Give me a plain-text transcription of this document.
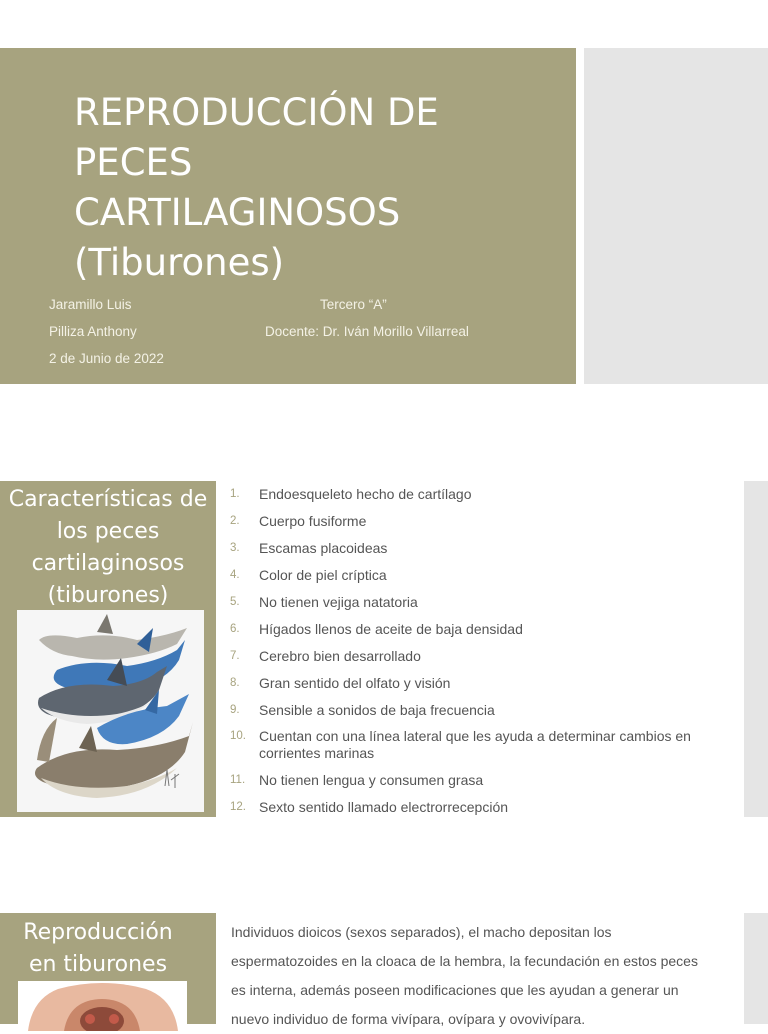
REPRODUCCIÓN DE
PECES
CARTILAGINOSOS
(Tiburones)
Jaramillo Luis
Pilliza Anthony
2 de Junio de 2022
Tercero “A”
Docente: Dr. Iván Morillo Villarreal
Características de
los peces
cartilaginosos
(tiburones)
1. Endoesqueleto hecho de cartílago
2. Cuerpo fusiforme
3. Escamas placoideas
4. Color de piel críptica
5. No tienen vejiga natatoria
6. Hígados llenos de aceite de baja densidad
7. Cerebro bien desarrollado
8. Gran sentido del olfato y visión
9. Sensible a sonidos de baja frecuencia
10. Cuentan con una línea lateral que les ayuda a determinar cambios en corrientes marinas
11. No tienen lengua y consumen grasa
12. Sexto sentido llamado electrorrecepción
Reproducción
en tiburones
Individuos dioicos (sexos separados), el macho depositan los espermatozoides en la cloaca de la hembra, la fecundación en estos peces es interna, además poseen modificaciones que les ayudan a generar un nuevo individuo de forma vivípara, ovípara y ovovivípara.
